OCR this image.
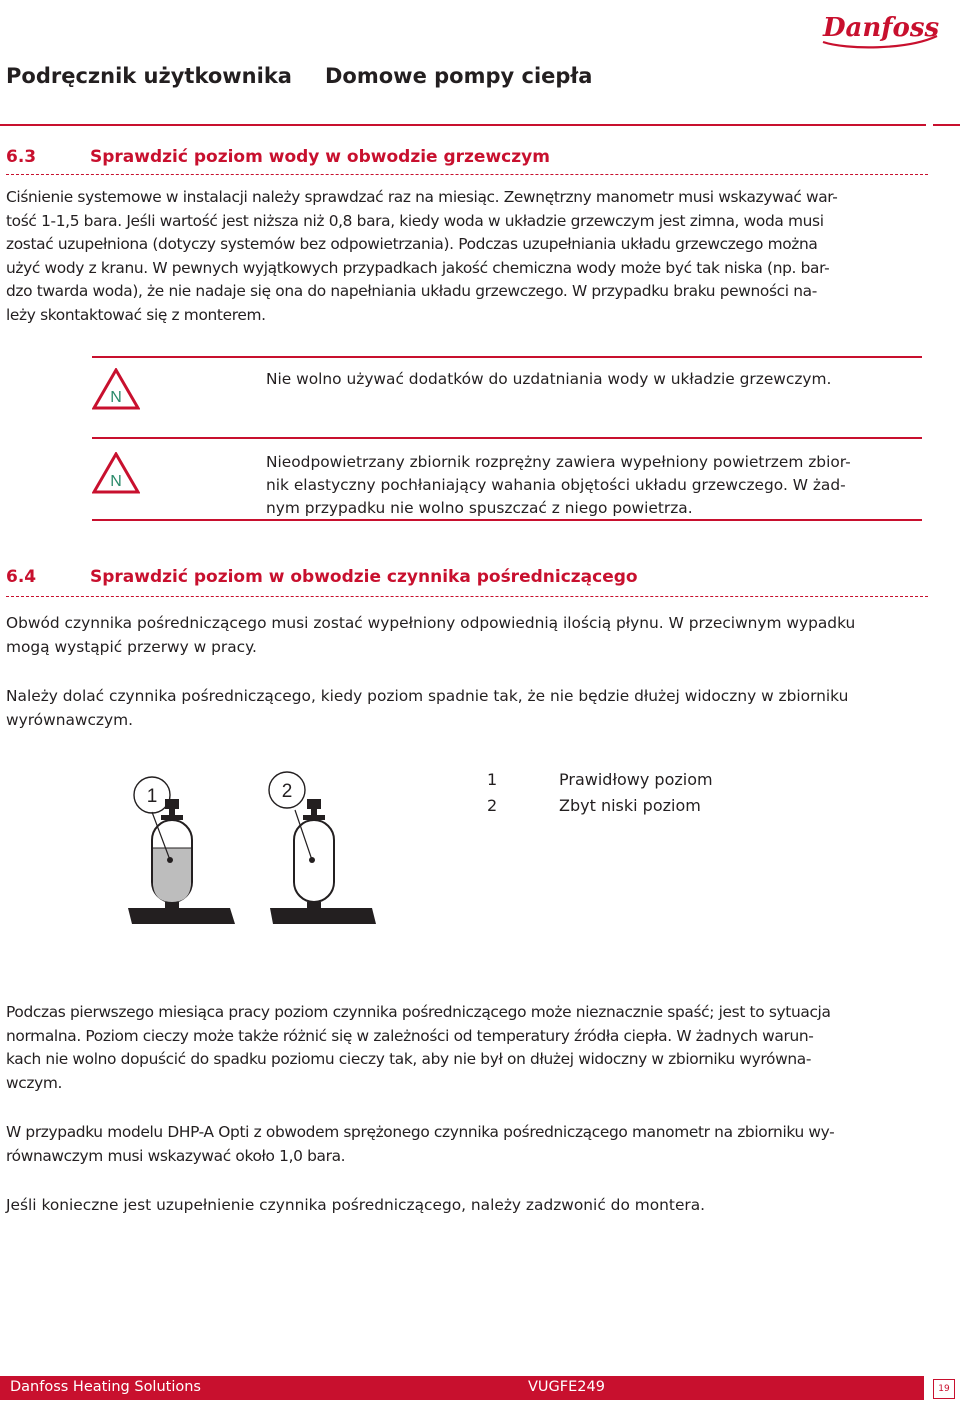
Danfoss
Podręcznik użytkownika Domowe pompy ciepła
6.3	Sprawdzić poziom wody w obwodzie grzewczym
Ciśnienie systemowe w instalacji należy sprawdzać raz na miesiąc. Zewnętrzny manometr musi wskazywać war-
tość 1-1,5 bara. Jeśli wartość jest niższa niż 0,8 bara, kiedy woda w układzie grzewczym jest zimna, woda musi
zostać uzupełniona (dotyczy systemów bez odpowietrzania). Podczas uzupełniania układu grzewczego można
użyć wody z kranu. W pewnych wyjątkowych przypadkach jakość chemiczna wody może być tak niska (np. bar-
dzo twarda woda), że nie nadaje się ona do napełniania układu grzewczego. W przypadku braku pewności na-
leży skontaktować się z monterem.
N
Nie wolno używać dodatków do uzdatniania wody w układzie grzewczym.
N
Nieodpowietrzany zbiornik rozprężny zawiera wypełniony powietrzem zbior-
nik elastyczny pochłaniający wahania objętości układu grzewczego. W żad-
nym przypadku nie wolno spuszczać z niego powietrza.
6.4	Sprawdzić poziom w obwodzie czynnika pośredniczącego
Obwód czynnika pośredniczącego musi zostać wypełniony odpowiednią ilością płynu. W przeciwnym wypadku
mogą wystąpić przerwy w pracy.
Należy dolać czynnika pośredniczącego, kiedy poziom spadnie tak, że nie będzie dłużej widoczny w zbiorniku
wyrównawczym.
1	2
1	Prawidłowy poziom
2	Zbyt niski poziom
Podczas pierwszego miesiąca pracy poziom czynnika pośredniczącego może nieznacznie spaść; jest to sytuacja
normalna. Poziom cieczy może także różnić się w zależności od temperatury źródła ciepła. W żadnych warun-
kach nie wolno dopuścić do spadku poziomu cieczy tak, aby nie był on dłużej widoczny w zbiorniku wyrówna-
wczym.
W przypadku modelu DHP-A Opti z obwodem sprężonego czynnika pośredniczącego manometr na zbiorniku wy-
równawczym musi wskazywać około 1,0 bara.
Jeśli konieczne jest uzupełnienie czynnika pośredniczącego, należy zadzwonić do montera.
Danfoss Heating Solutions	VUGFE249	19
